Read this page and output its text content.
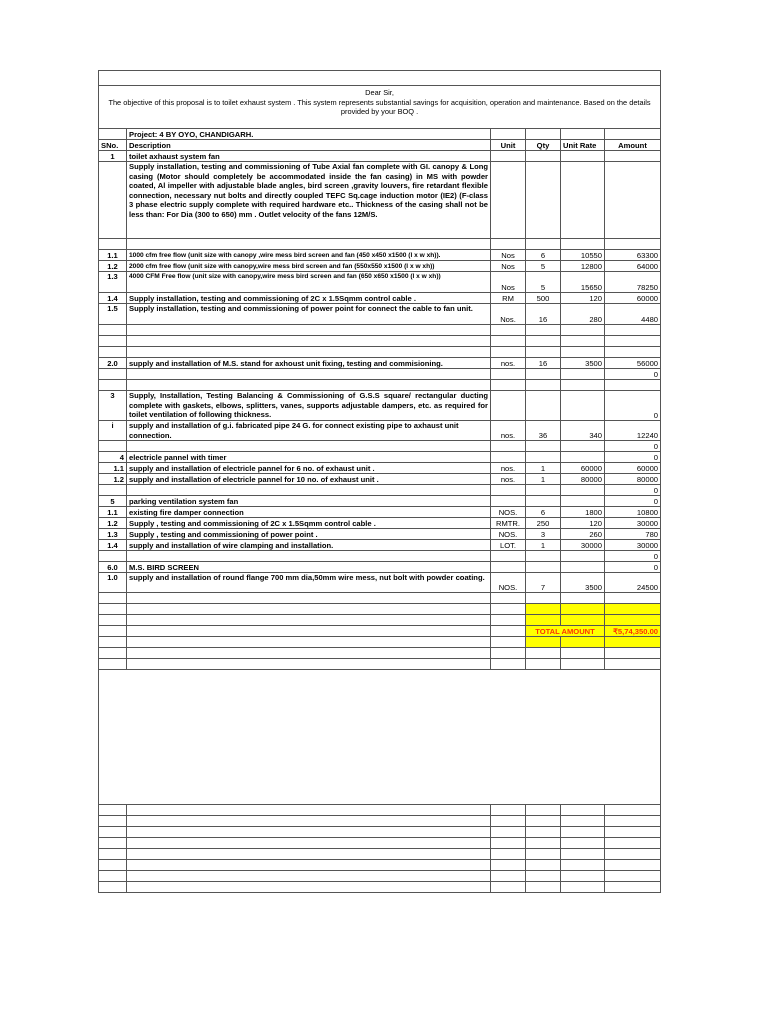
Dear Sir,
The objective of this proposal is to toilet exhaust system . This system represents substantial savings for acquisition, operation and maintenance. Based on the details provided by your BOQ .					

	Project: 4 BY OYO, CHANDIGARH.				
SNo.	Description	Unit	Qty	Unit Rate	Amount
1	toilet axhaust system fan				
	Supply installation, testing and commissioning of Tube Axial fan complete with GI. canopy & Long casing (Motor should completely be accommodated inside the fan casing) in MS with powder coated, Al impeller with adjustable blade angles, bird screen ,gravity louvers, fire retardant flexible connection, necessary nut bolts and directly coupled TEFC Sq.cage induction motor (IE2) (F-class 3 phase electric supply complete with required hardware etc.. Thickness of the casing shall not be less than: For Dia (300 to 650) mm . Outlet velocity of the fans 12M/S.				

1.1	1000 cfm free flow (unit size with canopy ,wire mess bird screen and fan (450 x450 x1500 (l x w xh)).	Nos	6	10550	63300
1.2	2000 cfm free flow (unit size with canopy,wire mess bird screen and fan (550x550 x1500 (l x w xh))	Nos	5	12800	64000
1.3	4000 CFM Free flow (unit size with canopy,wire mess bird screen and fan (650 x650 x1500 (l x w xh))	Nos	5	15650	78250
1.4	Supply installation, testing and commissioning of 2C x 1.5Sqmm control cable .	RM	500	120	60000
1.5	Supply installation, testing and commissioning of power point for connect the cable to fan unit.	Nos.	16	280	4480

2.0	supply and installation of M.S. stand for axhoust unit fixing, testing and commisioning.	nos.	16	3500	56000
					0

3	Supply, Installation, Testing Balancing & Commissioning of G.S.S square/ rectangular ducting complete with gaskets, elbows, splitters, vanes, supports adjustable dampers, etc. as required for toilet ventilation of following thickness.				0
i	supply and installation of g.i. fabricated pipe 24 G. for connect existing pipe to axhaust unit connection.	nos.	36	340	12240
					0
4	electricle pannel with timer				0
1.1	supply and installation of electricle pannel for 6 no. of exhaust unit .	nos.	1	60000	60000
1.2	supply and installation of electricle pannel for 10 no. of exhaust unit .	nos.	1	80000	80000
					0
5	parking ventilation system fan				0
1.1	existing fire damper connection	NOS.	6	1800	10800
1.2	Supply , testing and commissioning of 2C x 1.5Sqmm control cable .	RMTR.	250	120	30000
1.3	Supply , testing and commissioning of power point .	NOS.	3	260	780
1.4	supply and installation of wire clamping and installation.	LOT.	1	30000	30000
					0
6.0	M.S. BIRD SCREEN				0
1.0	supply and installation of round flange 700 mm dia,50mm wire mess, nut bolt with powder coating.	NOS.	7	3500	24500

			TOTAL AMOUNT		₹5,74,350.00
